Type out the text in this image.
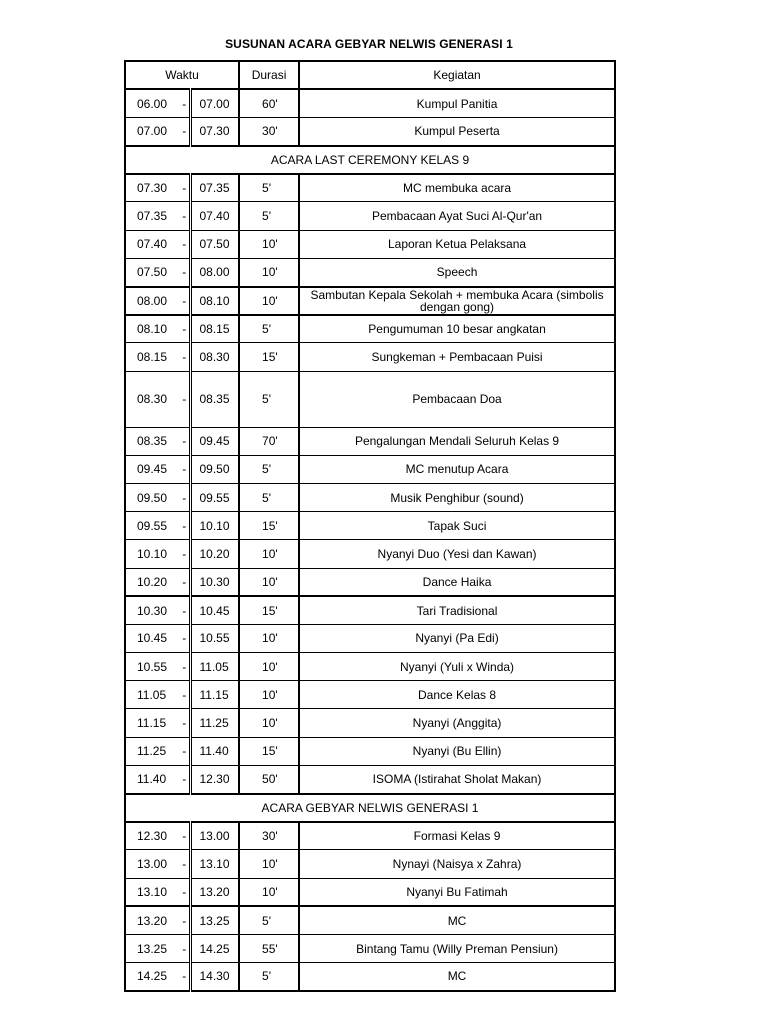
SUSUNAN ACARA GEBYAR NELWIS GENERASI 1
Waktu			Durasi	Kegiatan
06.00	-	07.00	60'	Kumpul Panitia
07.00	-	07.30	30'	Kumpul Peserta
ACARA LAST CEREMONY KELAS 9				
07.30	-	07.35	5'	MC membuka acara
07.35	-	07.40	5'	Pembacaan Ayat Suci Al-Qur'an
07.40	-	07.50	10'	Laporan Ketua Pelaksana
07.50	-	08.00	10'	Speech
08.00	-	08.10	10'	Sambutan Kepala Sekolah + membuka Acara (simbolis dengan gong)
08.10	-	08.15	5'	Pengumuman 10 besar angkatan
08.15	-	08.30	15'	Sungkeman + Pembacaan Puisi
08.30	-	08.35	5'	Pembacaan Doa
08.35	-	09.45	70'	Pengalungan Mendali Seluruh Kelas 9
09.45	-	09.50	5'	MC menutup Acara
09.50	-	09.55	5'	Musik Penghibur (sound)
09.55	-	10.10	15'	Tapak Suci
10.10	-	10.20	10'	Nyanyi Duo (Yesi dan Kawan)
10.20	-	10.30	10'	Dance Haika
10.30	-	10.45	15'	Tari Tradisional
10.45	-	10.55	10'	Nyanyi (Pa Edi)
10.55	-	11.05	10'	Nyanyi (Yuli x Winda)
11.05	-	11.15	10'	Dance Kelas 8
11.15	-	11.25	10'	Nyanyi (Anggita)
11.25	-	11.40	15'	Nyanyi (Bu Ellin)
11.40	-	12.30	50'	ISOMA (Istirahat Sholat Makan)
ACARA GEBYAR NELWIS GENERASI 1				
12.30	-	13.00	30'	Formasi Kelas 9
13.00	-	13.10	10'	Nynayi (Naisya x Zahra)
13.10	-	13.20	10'	Nyanyi Bu Fatimah
13.20	-	13.25	5'	MC
13.25	-	14.25	55'	Bintang Tamu (Willy Preman Pensiun)
14.25	-	14.30	5'	MC
